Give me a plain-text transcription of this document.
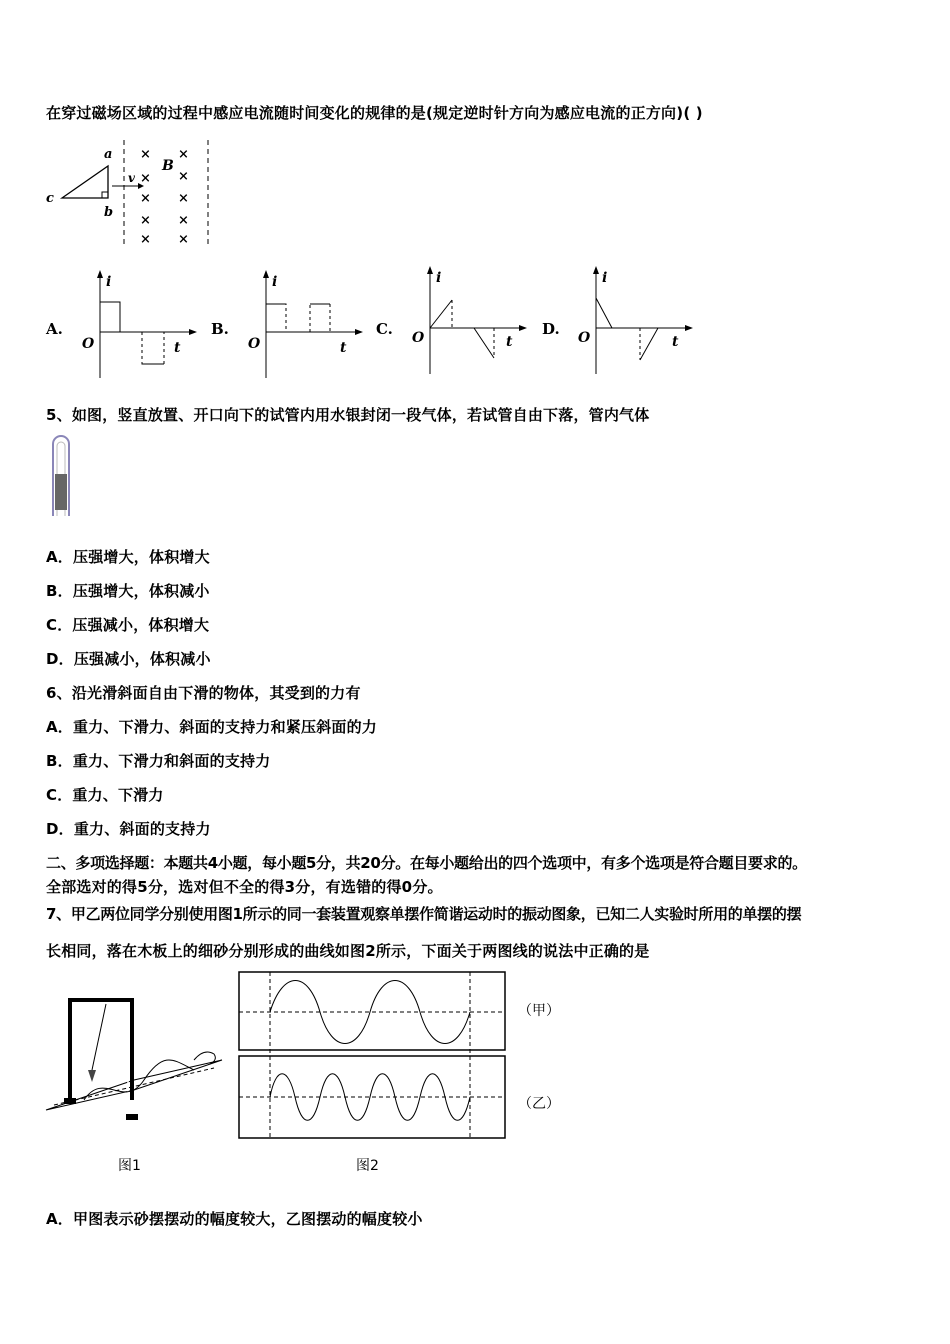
在穿过磁场区域的过程中感应电流随时间变化的规律的是(规定逆时针方向为感应电流的正方向)( )
× ×
×
×
× ×
× ×
× ×
a
b
c
v
B
A.
i
O	t
B.
i
O	t
C.
i
O	t
D.
i
O	t
5、如图，竖直放置、开口向下的试管内用水银封闭一段气体，若试管自由下落，管内气体
A．压强增大，体积增大
B．压强增大，体积减小
C．压强减小，体积增大
D．压强减小，体积减小
6、沿光滑斜面自由下滑的物体，其受到的力有
A．重力、下滑力、斜面的支持力和紧压斜面的力
B．重力、下滑力和斜面的支持力
C．重力、下滑力
D．重力、斜面的支持力
二、多项选择题：本题共4小题，每小题5分，共20分。在每小题给出的四个选项中，有多个选项是符合题目要求的。
全部选对的得5分，选对但不全的得3分，有选错的得0分。
7、甲乙两位同学分别使用图1所示的同一套装置观察单摆作简谐运动时的振动图象，已知二人实验时所用的单摆的摆
长相同，落在木板上的细砂分别形成的曲线如图2所示，下面关于两图线的说法中正确的是
图1
（甲）
（乙）
图2
A．甲图表示砂摆摆动的幅度较大，乙图摆动的幅度较小
